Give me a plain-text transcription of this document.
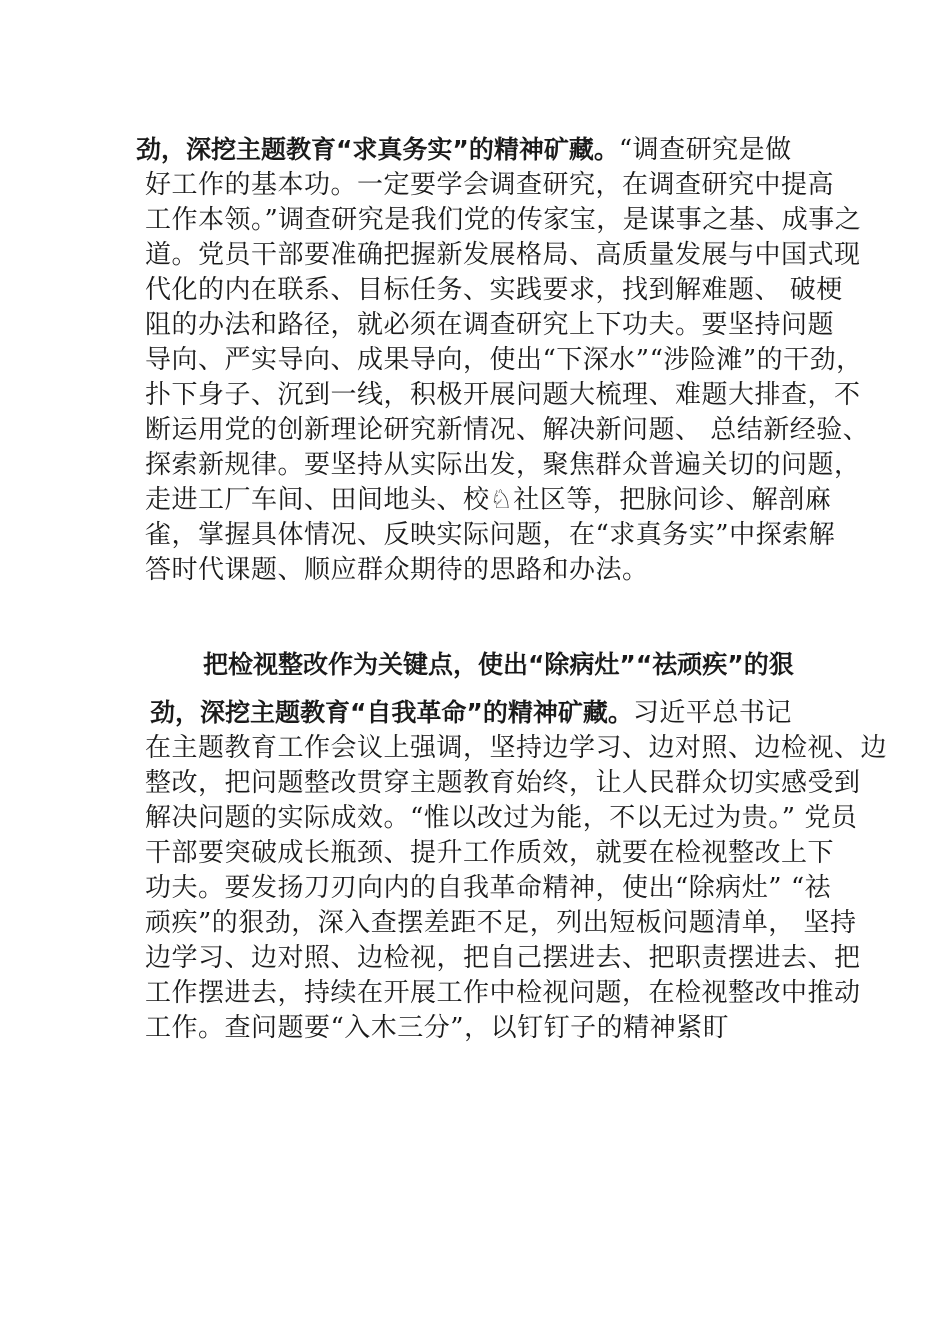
劲，深挖主题教育“求真务实”的精神矿藏。“调查研究是做
好工作的基本功。一定要学会调查研究，在调查研究中提高
工作本领。”调查研究是我们党的传家宝，是谋事之基、成事之
道。党员干部要准确把握新发展格局、高质量发展与中国式现
代化的内在联系、目标任务、实践要求，找到解难题、 破梗
阻的办法和路径，就必须在调查研究上下功夫。要坚持问题
导向、严实导向、成果导向，使出“下深水”“涉险滩”的干劲，
扑下身子、沉到一线，积极开展问题大梳理、难题大排查，不
断运用党的创新理论研究新情况、解决新问题、 总结新经验、
探索新规律。要坚持从实际出发，聚焦群众普遍关切的问题，
走进工厂车间、田间地头、校♘社区等，把脉问诊、解剖麻
雀，掌握具体情况、反映实际问题，在“求真务实”中探索解
答时代课题、顺应群众期待的思路和办法。
把检视整改作为关键点，使出“除病灶”“祛顽疾”的狠
劲，深挖主题教育“自我革命”的精神矿藏。习近平总书记
在主题教育工作会议上强调，坚持边学习、边对照、边检视、边
整改，把问题整改贯穿主题教育始终，让人民群众切实感受到
解决问题的实际成效。“惟以改过为能，不以无过为贵。” 党员
干部要突破成长瓶颈、提升工作质效，就要在检视整改上下
功夫。要发扬刀刃向内的自我革命精神，使出“除病灶” “祛
顽疾”的狠劲，深入查摆差距不足，列出短板问题清单， 坚持
边学习、边对照、边检视，把自己摆进去、把职责摆进去、把
工作摆进去，持续在开展工作中检视问题，在检视整改中推动
工作。查问题要“入木三分”，以钉钉子的精神紧盯
